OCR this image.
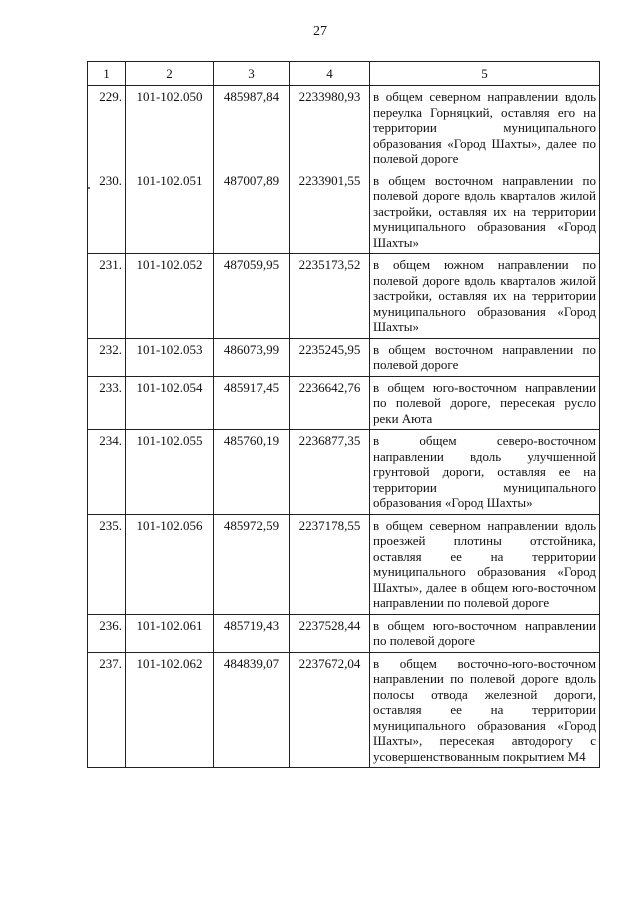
27
1	2	3	4	5
229.	101-102.050	485987,84	2233980,93	в общем северном направлении вдоль переулка Горняцкий, оставляя его на территории муниципального образования «Город Шахты», далее по полевой дороге
230.	101-102.051	487007,89	2233901,55	в общем восточном направлении по полевой дороге вдоль кварталов жилой застройки, оставляя их на территории муниципального образования «Город Шахты»
231.	101-102.052	487059,95	2235173,52	в общем южном направлении по полевой дороге вдоль кварталов жилой застройки, оставляя их на территории муниципального образования «Город Шахты»
232.	101-102.053	486073,99	2235245,95	в общем восточном направлении по полевой дороге
233.	101-102.054	485917,45	2236642,76	в общем юго-восточном направлении по полевой дороге, пересекая русло реки Аюта
234.	101-102.055	485760,19	2236877,35	в общем северо-восточном направлении вдоль улучшенной грунтовой дороги, оставляя ее на территории муниципального образования «Город Шахты»
235.	101-102.056	485972,59	2237178,55	в общем северном направлении вдоль проезжей плотины отстойника, оставляя ее на территории муниципального образования «Город Шахты», далее в общем юго-восточном направлении по полевой дороге
236.	101-102.061	485719,43	2237528,44	в общем юго-восточном направлении по полевой дороге
237.	101-102.062	484839,07	2237672,04	в общем восточно-юго-восточном направлении по полевой дороге вдоль полосы отвода железной дороги, оставляя ее на территории муниципального образования «Город Шахты», пересекая автодорогу с усовершенствованным покрытием М4
